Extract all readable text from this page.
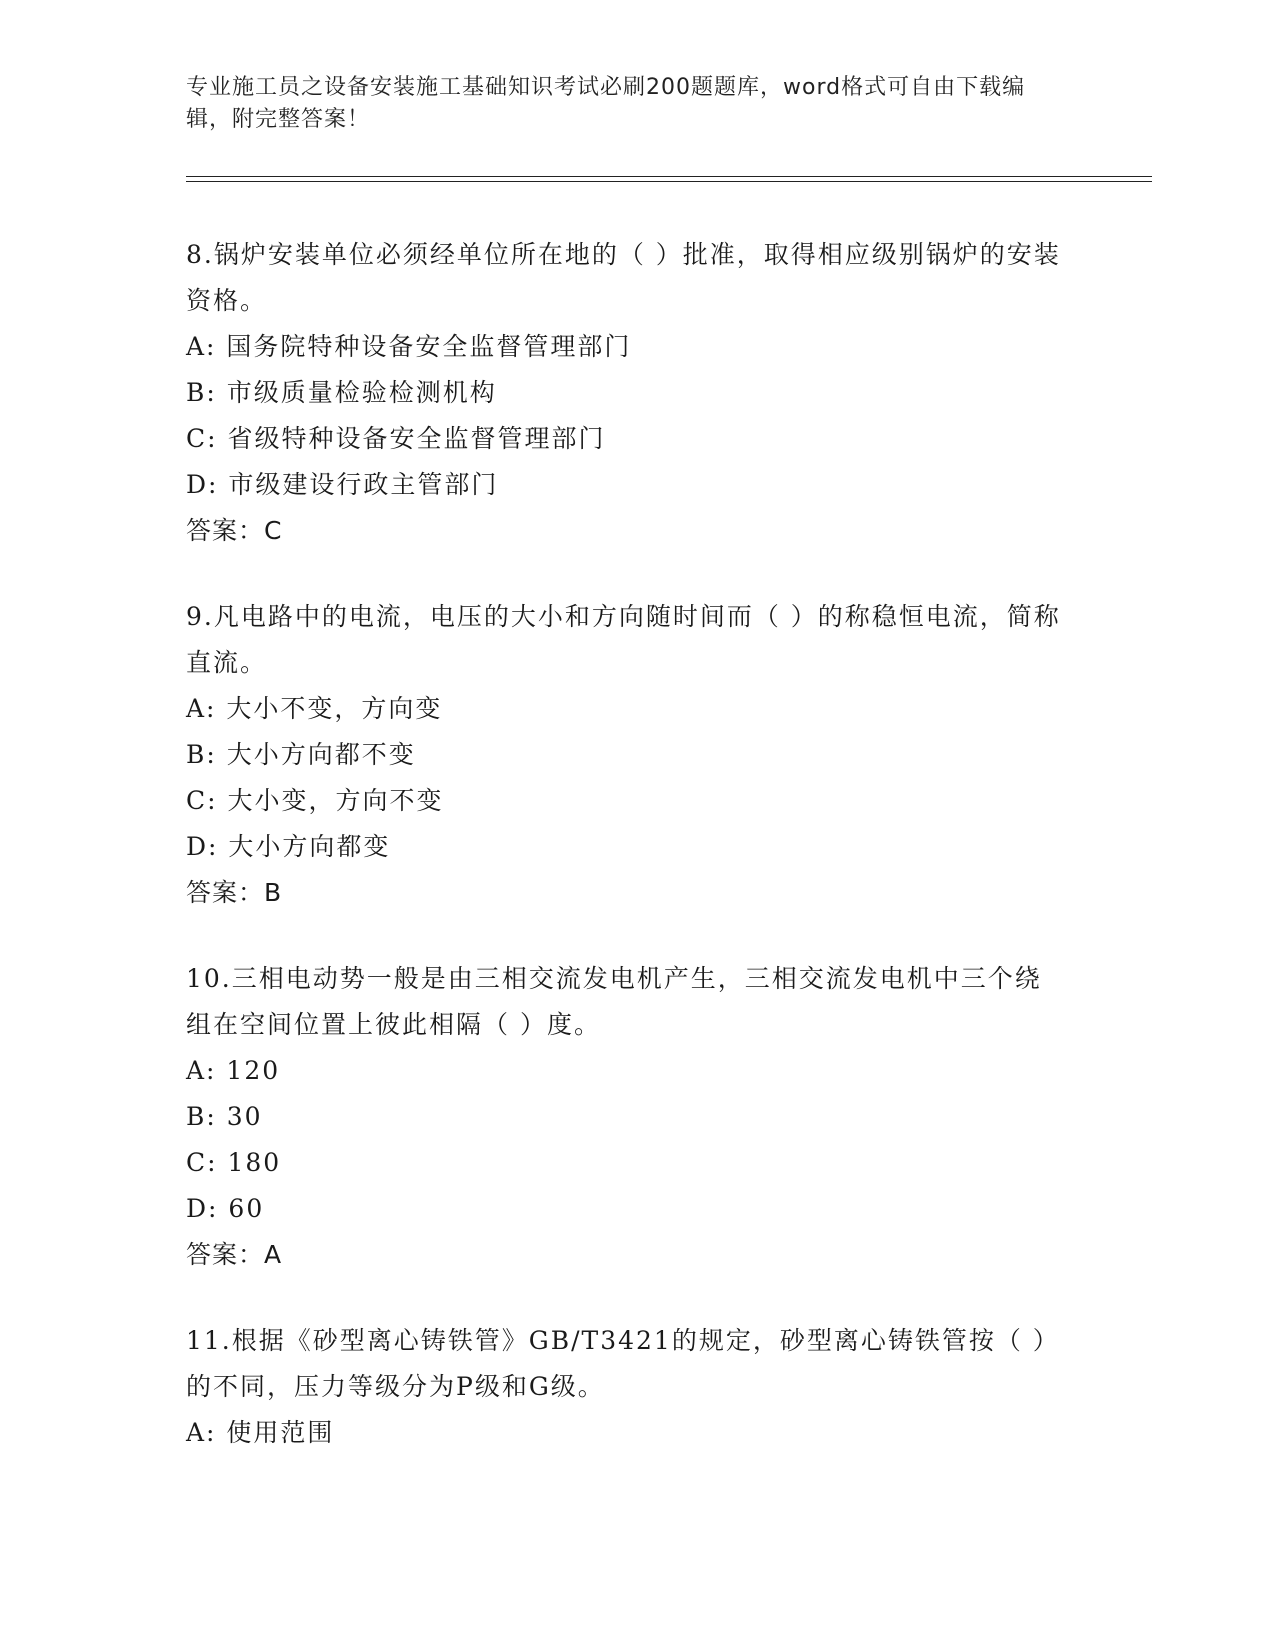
专业施工员之设备安装施工基础知识考试必刷200题题库，word格式可自由下载编辑，附完整答案！
8.锅炉安装单位必须经单位所在地的（ ）批准，取得相应级别锅炉的安装资格。
A: 国务院特种设备安全监督管理部门
B: 市级质量检验检测机构
C: 省级特种设备安全监督管理部门
D: 市级建设行政主管部门
答案：C
9.凡电路中的电流，电压的大小和方向随时间而（ ）的称稳恒电流，简称直流。
A: 大小不变，方向变
B: 大小方向都不变
C: 大小变，方向不变
D: 大小方向都变
答案：B
10.三相电动势一般是由三相交流发电机产生，三相交流发电机中三个绕组在空间位置上彼此相隔（ ）度。
A: 120
B: 30
C: 180
D: 60
答案：A
11.根据《砂型离心铸铁管》GB/T3421的规定，砂型离心铸铁管按（ ）的不同，压力等级分为P级和G级。
A: 使用范围
